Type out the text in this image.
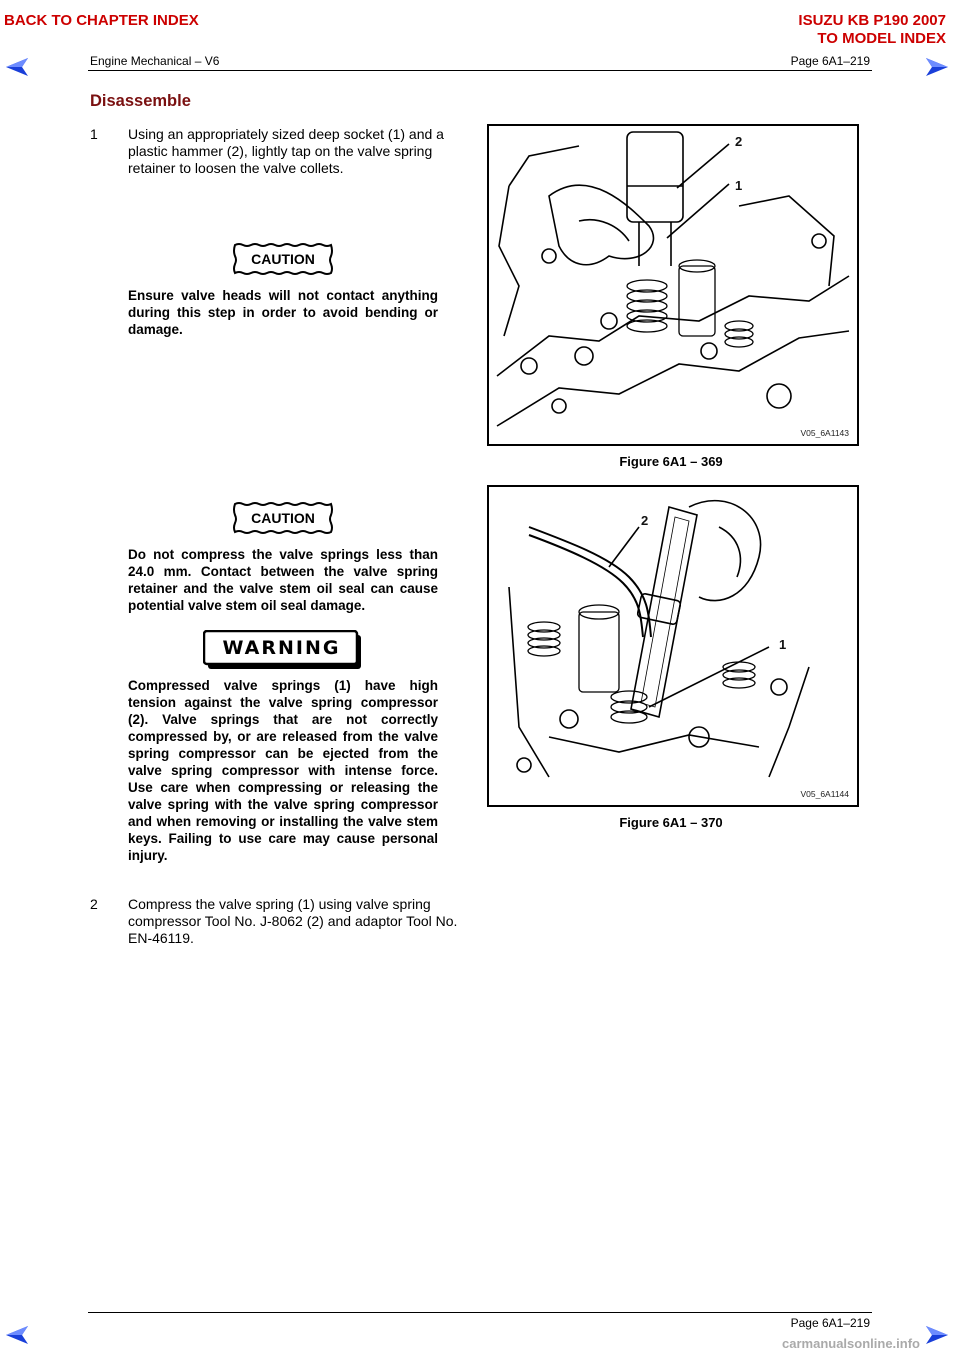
BACK TO CHAPTER INDEX	ISUZU KB P190 2007
TO MODEL INDEX
Engine Mechanical – V6	Page 6A1–219
Disassemble
1 Using an appropriately sized deep socket (1) and a plastic hammer (2), lightly tap on the valve spring retainer to loosen the valve collets.
CAUTION
Ensure valve heads will not contact anything during this step in order to avoid bending or damage.
CAUTION
Do not compress the valve springs less than 24.0 mm. Contact between the valve spring retainer and the valve stem oil seal can cause potential valve stem oil seal damage.
WARNING
Compressed valve springs (1) have high tension against the valve spring compressor (2). Valve springs that are not correctly compressed by, or are released from the valve spring compressor can be ejected from the valve spring compressor with intense force. Use care when compressing or releasing the valve spring with the valve spring compressor and when removing or installing the valve stem keys. Failing to use care may cause personal injury.
2 Compress the valve spring (1) using valve spring compressor Tool No. J-8062 (2) and adaptor Tool No. EN-46119.
2
1
V05_6A1143
Figure 6A1 – 369
2
1
V05_6A1144
Figure 6A1 – 370
Page 6A1–219
carmanualsonline.info
